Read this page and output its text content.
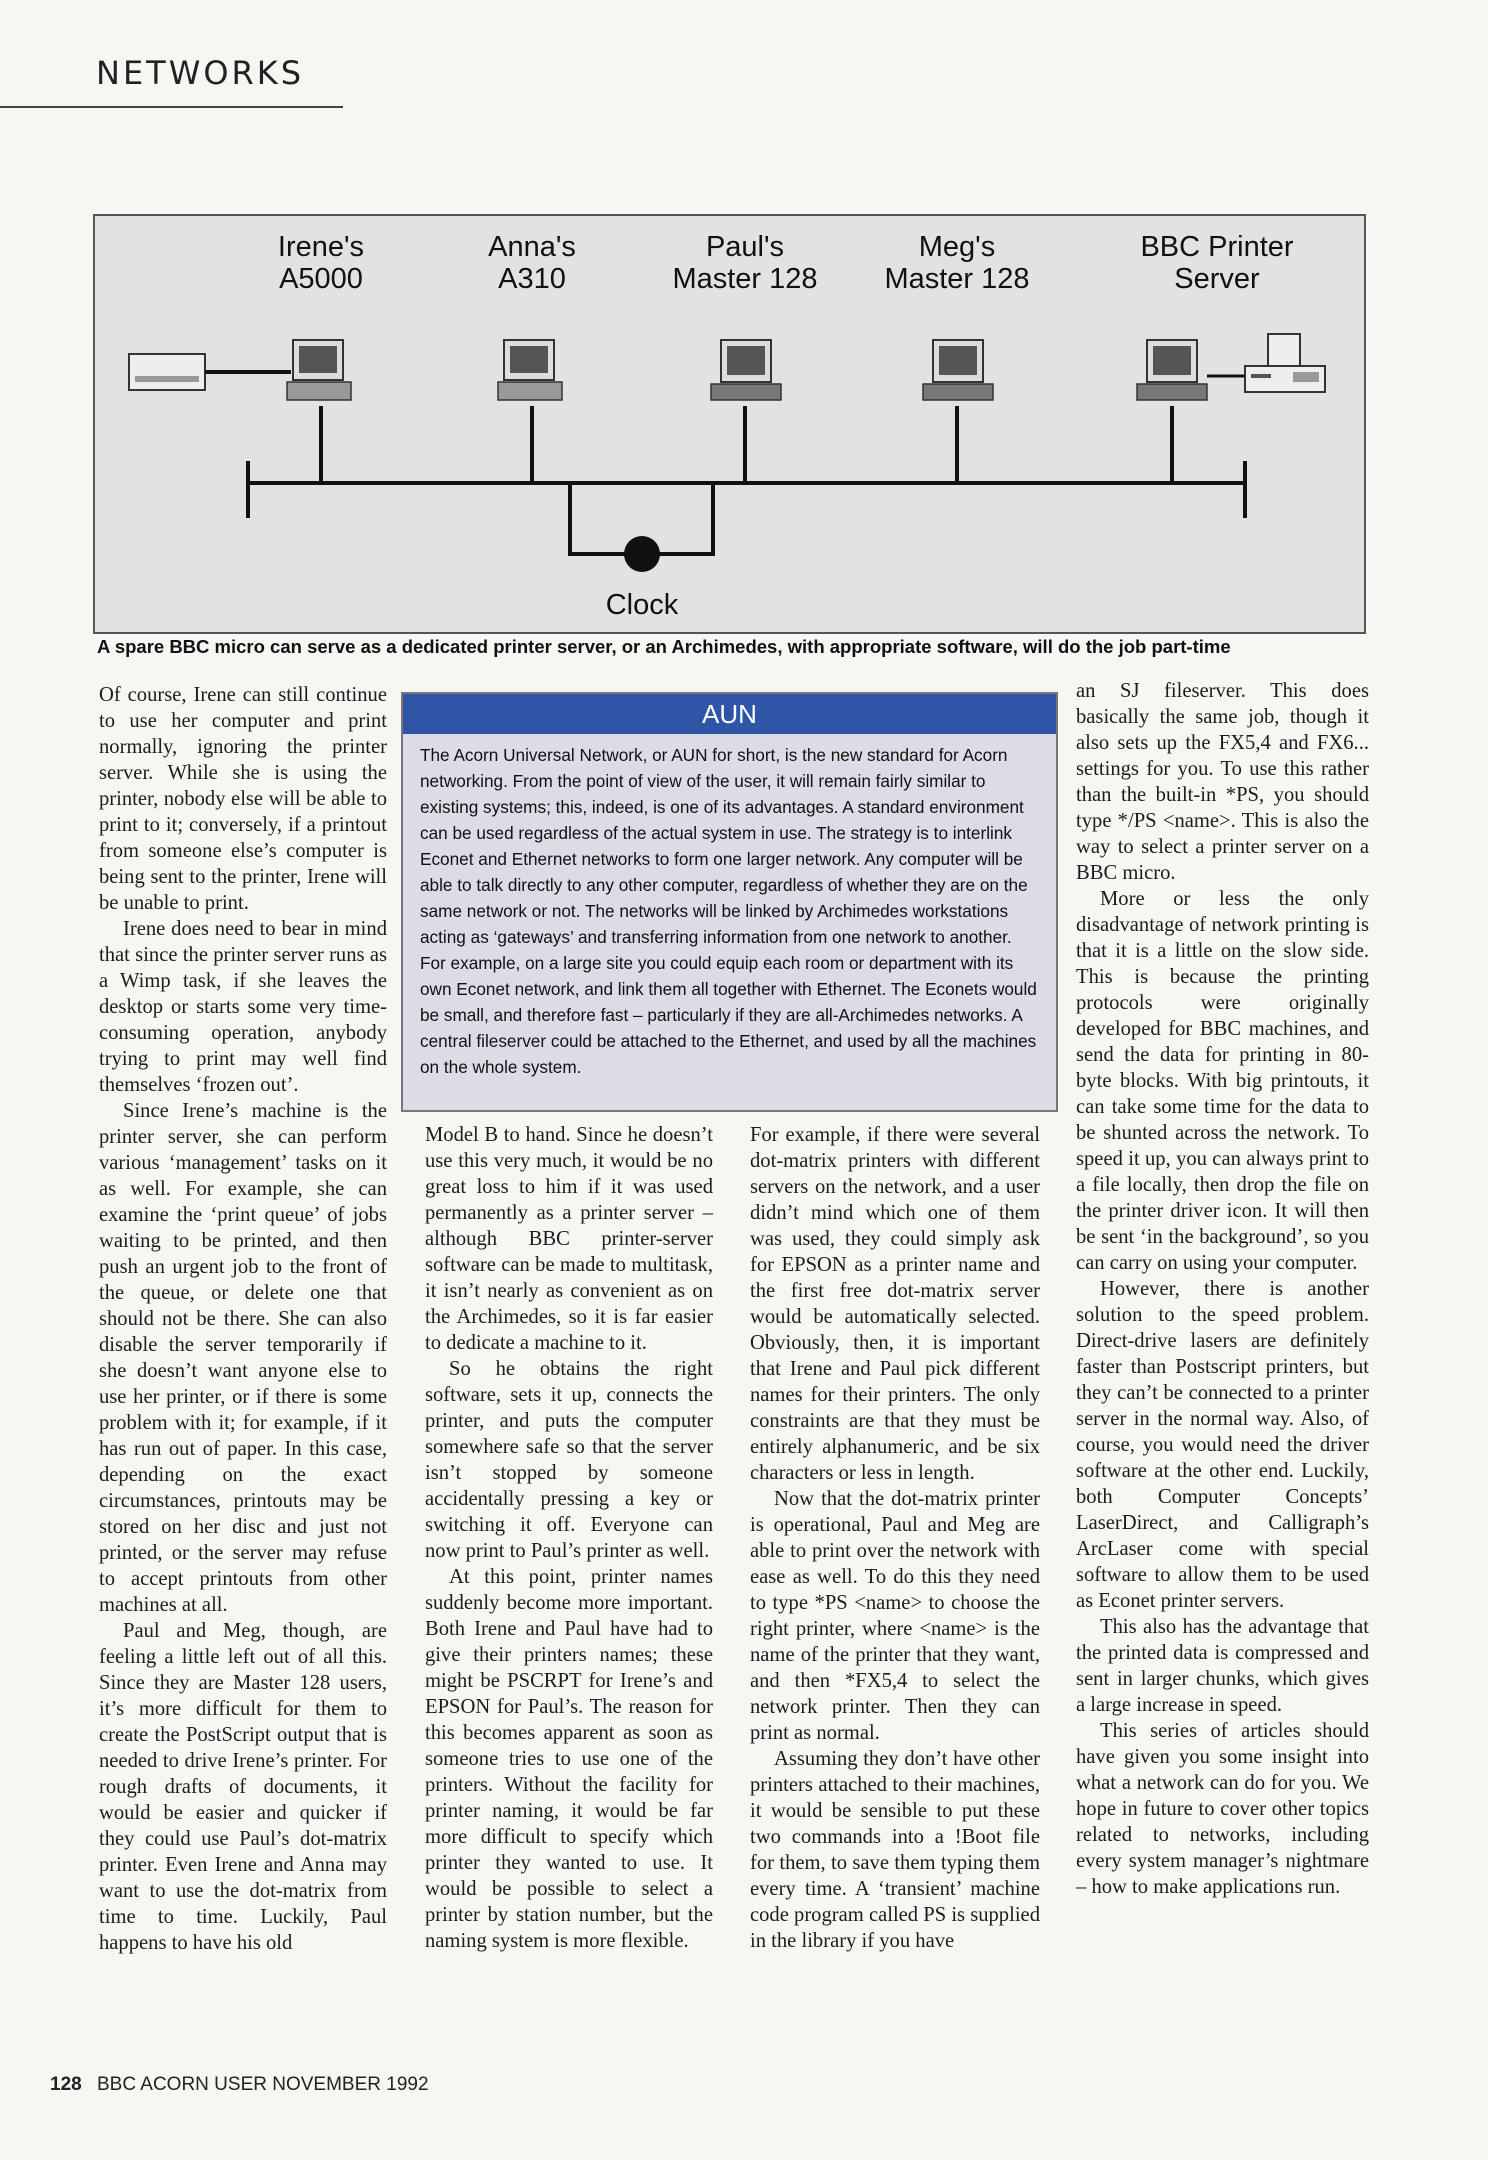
NETWORKS
Irene's
A5000
Anna's
A310
Paul's
Master 128
Meg's
Master 128
BBC Printer
Server
Clock
A spare BBC micro can serve as a dedicated printer server, or an Archimedes, with appropriate software, will do the job part-time

Of course, Irene can still continue to use her computer and print normally, ignoring the printer server. While she is using the printer, nobody else will be able to print to it; conversely, if a printout from someone else’s computer is being sent to the printer, Irene will be unable to print.

Irene does need to bear in mind that since the printer server runs as a Wimp task, if she leaves the desktop or starts some very time-consuming operation, anybody trying to print may well find themselves ‘frozen out’.

Since Irene’s machine is the printer server, she can perform various ‘management’ tasks on it as well. For example, she can examine the ‘print queue’ of jobs waiting to be printed, and then push an urgent job to the front of the queue, or delete one that should not be there. She can also disable the server temporarily if she doesn’t want anyone else to use her printer, or if there is some problem with it; for example, if it has run out of paper. In this case, depending on the exact circumstances, printouts may be stored on her disc and just not printed, or the server may refuse to accept printouts from other machines at all.

Paul and Meg, though, are feeling a little left out of all this. Since they are Master 128 users, it’s more difficult for them to create the PostScript output that is needed to drive Irene’s printer. For rough drafts of documents, it would be easier and quicker if they could use Paul’s dot-matrix printer. Even Irene and Anna may want to use the dot-matrix from time to time. Luckily, Paul happens to have his old

AUN

The Acorn Universal Network, or AUN for short, is the new standard for Acorn networking. From the point of view of the user, it will remain fairly similar to existing systems; this, indeed, is one of its advantages. A standard environment can be used regardless of the actual system in use. The strategy is to interlink Econet and Ethernet networks to form one larger network. Any computer will be able to talk directly to any other computer, regardless of whether they are on the same network or not. The networks will be linked by Archimedes workstations acting as ‘gateways’ and transferring information from one network to another.

For example, on a large site you could equip each room or department with its own Econet network, and link them all together with Ethernet. The Econets would be small, and therefore fast – particularly if they are all-Archimedes networks. A central fileserver could be attached to the Ethernet, and used by all the machines on the whole system.

Model B to hand. Since he doesn’t use this very much, it would be no great loss to him if it was used permanently as a printer server – although BBC printer-server software can be made to multitask, it isn’t nearly as convenient as on the Archimedes, so it is far easier to dedicate a machine to it.

So he obtains the right software, sets it up, connects the printer, and puts the computer somewhere safe so that the server isn’t stopped by someone accidentally pressing a key or switching it off. Everyone can now print to Paul’s printer as well.

At this point, printer names suddenly become more important. Both Irene and Paul have had to give their printers names; these might be PSCRPT for Irene’s and EPSON for Paul’s. The reason for this becomes apparent as soon as someone tries to use one of the printers. Without the facility for printer naming, it would be far more difficult to specify which printer they wanted to use. It would be possible to select a printer by station number, but the naming system is more flexible.

For example, if there were several dot-matrix printers with different servers on the network, and a user didn’t mind which one of them was used, they could simply ask for EPSON as a printer name and the first free dot-matrix server would be automatically selected. Obviously, then, it is important that Irene and Paul pick different names for their printers. The only constraints are that they must be entirely alphanumeric, and be six characters or less in length.

Now that the dot-matrix printer is operational, Paul and Meg are able to print over the network with ease as well. To do this they need to type *PS <name> to choose the right printer, where <name> is the name of the printer that they want, and then *FX5,4 to select the network printer. Then they can print as normal.

Assuming they don’t have other printers attached to their machines, it would be sensible to put these two commands into a !Boot file for them, to save them typing them every time. A ‘transient’ machine code program called PS is supplied in the library if you have

an SJ fileserver. This does basically the same job, though it also sets up the FX5,4 and FX6... settings for you. To use this rather than the built-in *PS, you should type */PS <name>. This is also the way to select a printer server on a BBC micro.

More or less the only disadvantage of network printing is that it is a little on the slow side. This is because the printing protocols were originally developed for BBC machines, and send the data for printing in 80-byte blocks. With big printouts, it can take some time for the data to be shunted across the network. To speed it up, you can always print to a file locally, then drop the file on the printer driver icon. It will then be sent ‘in the background’, so you can carry on using your computer.

However, there is another solution to the speed problem. Direct-drive lasers are definitely faster than Postscript printers, but they can’t be connected to a printer server in the normal way. Also, of course, you would need the driver software at the other end. Luckily, both Computer Concepts’ LaserDirect, and Calligraph’s ArcLaser come with special software to allow them to be used as Econet printer servers.

This also has the advantage that the printed data is compressed and sent in larger chunks, which gives a large increase in speed.

This series of articles should have given you some insight into what a network can do for you. We hope in future to cover other topics related to networks, including every system manager’s nightmare – how to make applications run.

128 BBC ACORN USER NOVEMBER 1992
